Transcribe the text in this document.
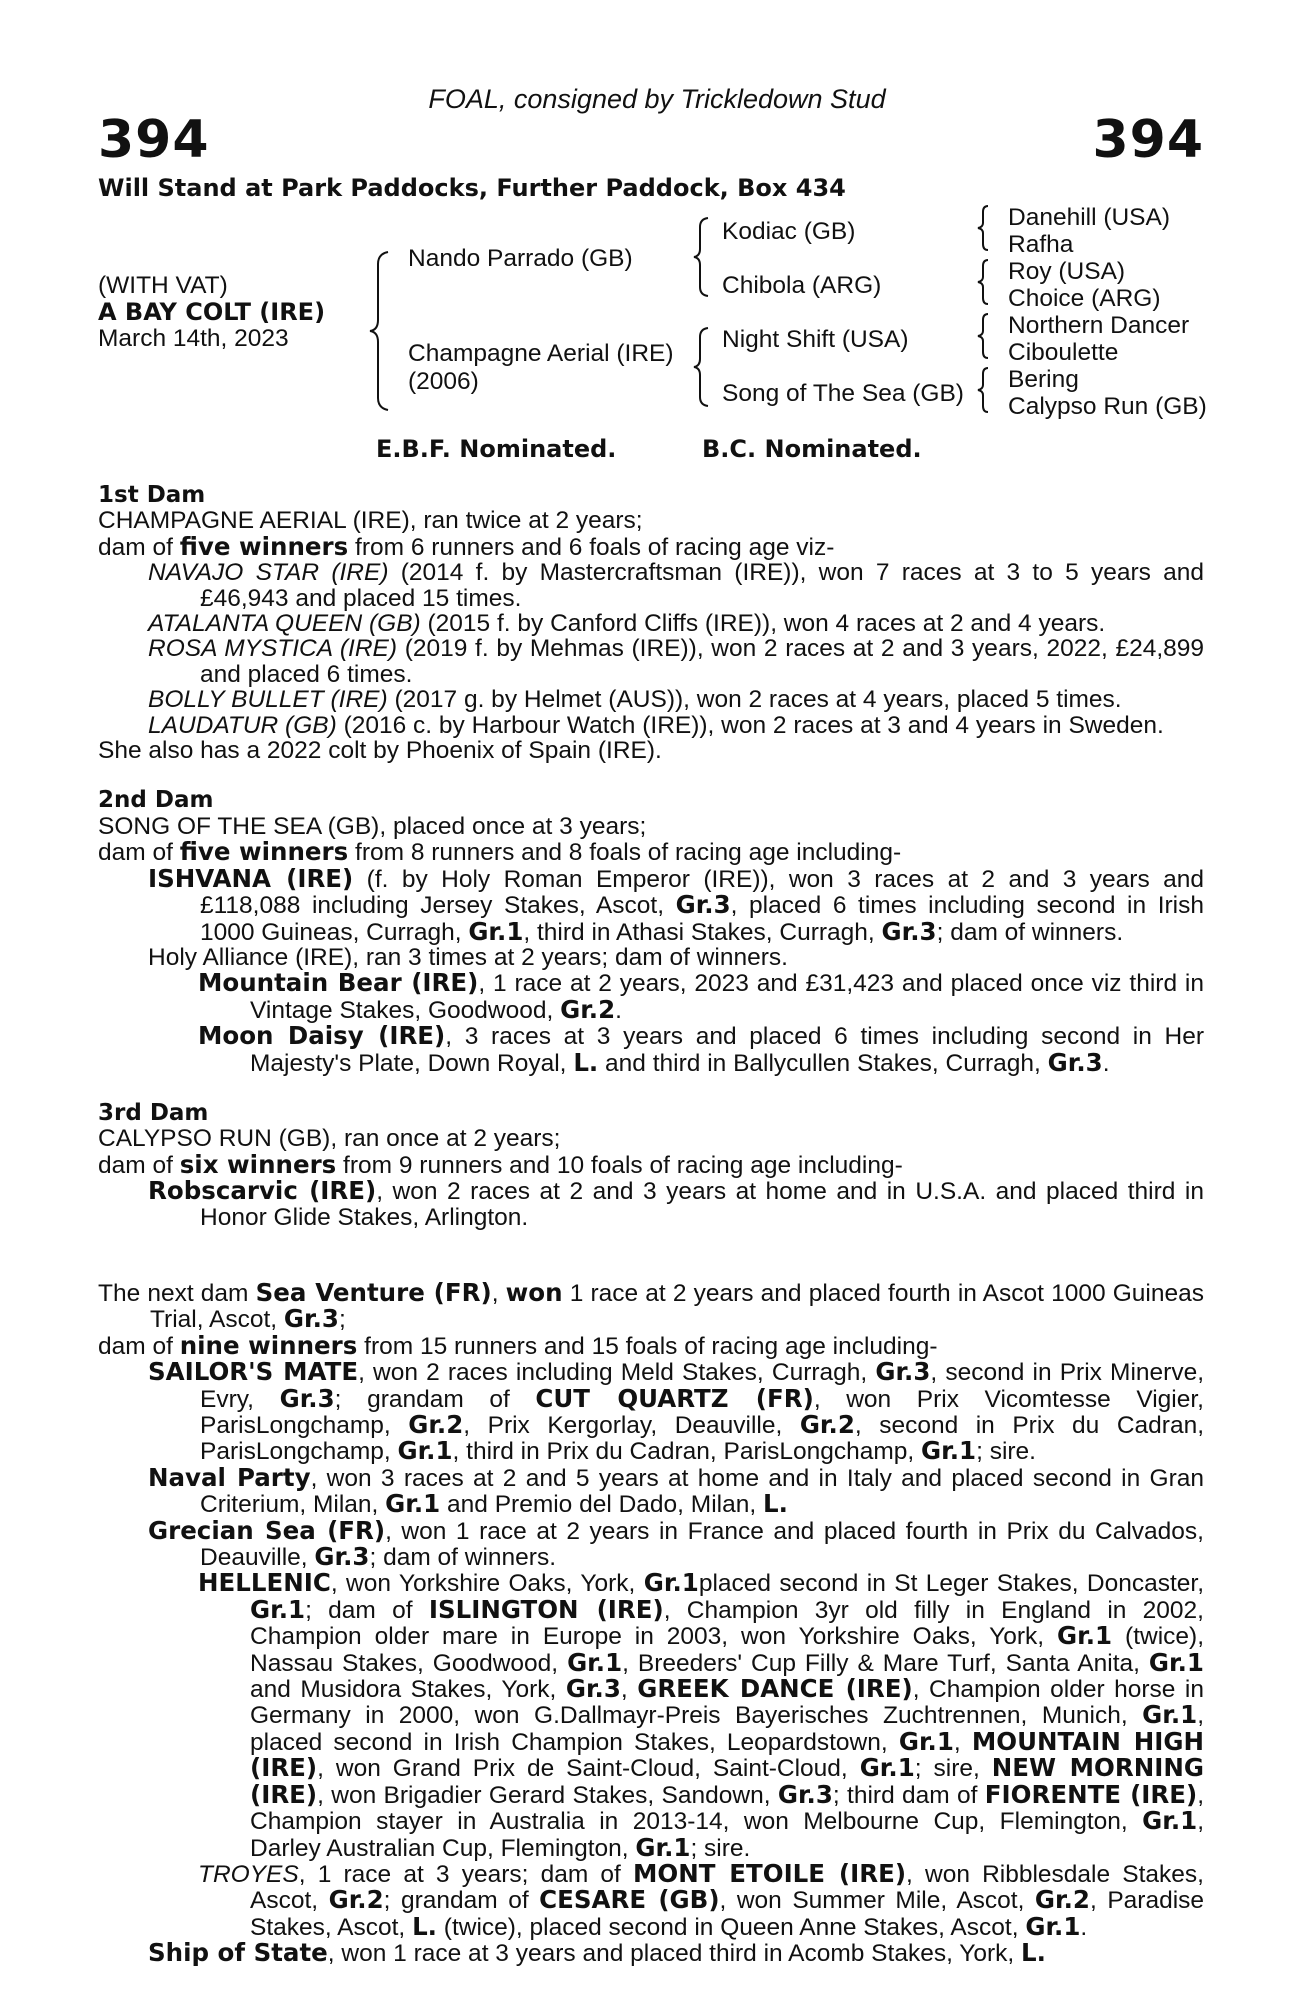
FOAL, consigned by Trickledown Stud
394	394
Will Stand at Park Paddocks, Further Paddock, Box 434
(WITH VAT)
A BAY COLT (IRE)
March 14th, 2023
Nando Parrado (GB)
Champagne Aerial (IRE)
(2006)
Kodiac (GB)
Chibola (ARG)
Night Shift (USA)
Song of The Sea (GB)
Danehill (USA)
Rafha
Roy (USA)
Choice (ARG)
Northern Dancer
Ciboulette
Bering
Calypso Run (GB)
E.B.F. Nominated.	B.C. Nominated.

1st Dam

CHAMPAGNE AERIAL (IRE), ran twice at 2 years;

dam of five winners from 6 runners and 6 foals of racing age viz-

NAVAJO STAR (IRE) (2014 f. by Mastercraftsman (IRE)), won 7 races at 3 to 5 years and £46,943 and placed 15 times.

ATALANTA QUEEN (GB) (2015 f. by Canford Cliffs (IRE)), won 4 races at 2 and 4 years.

ROSA MYSTICA (IRE) (2019 f. by Mehmas (IRE)), won 2 races at 2 and 3 years, 2022, £24,899 and placed 6 times.

BOLLY BULLET (IRE) (2017 g. by Helmet (AUS)), won 2 races at 4 years, placed 5 times.

LAUDATUR (GB) (2016 c. by Harbour Watch (IRE)), won 2 races at 3 and 4 years in Sweden.

She also has a 2022 colt by Phoenix of Spain (IRE).

2nd Dam

SONG OF THE SEA (GB), placed once at 3 years;

dam of five winners from 8 runners and 8 foals of racing age including-

ISHVANA (IRE) (f. by Holy Roman Emperor (IRE)), won 3 races at 2 and 3 years and £118,088 including Jersey Stakes, Ascot, Gr.3, placed 6 times including second in Irish 1000 Guineas, Curragh, Gr.1, third in Athasi Stakes, Curragh, Gr.3; dam of winners.

Holy Alliance (IRE), ran 3 times at 2 years; dam of winners.

Mountain Bear (IRE), 1 race at 2 years, 2023 and £31,423 and placed once viz third in Vintage Stakes, Goodwood, Gr.2.

Moon Daisy (IRE), 3 races at 3 years and placed 6 times including second in Her Majesty's Plate, Down Royal, L. and third in Ballycullen Stakes, Curragh, Gr.3.

3rd Dam

CALYPSO RUN (GB), ran once at 2 years;

dam of six winners from 9 runners and 10 foals of racing age including-

Robscarvic (IRE), won 2 races at 2 and 3 years at home and in U.S.A. and placed third in Honor Glide Stakes, Arlington.

The next dam Sea Venture (FR), won 1 race at 2 years and placed fourth in Ascot 1000 Guineas Trial, Ascot, Gr.3;

dam of nine winners from 15 runners and 15 foals of racing age including-

SAILOR'S MATE, won 2 races including Meld Stakes, Curragh, Gr.3, second in Prix Minerve, Evry, Gr.3; grandam of CUT QUARTZ (FR), won Prix Vicomtesse Vigier, ParisLongchamp, Gr.2, Prix Kergorlay, Deauville, Gr.2, second in Prix du Cadran, ParisLongchamp, Gr.1, third in Prix du Cadran, ParisLongchamp, Gr.1; sire.

Naval Party, won 3 races at 2 and 5 years at home and in Italy and placed second in Gran Criterium, Milan, Gr.1 and Premio del Dado, Milan, L.

Grecian Sea (FR), won 1 race at 2 years in France and placed fourth in Prix du Calvados, Deauville, Gr.3; dam of winners.

HELLENIC, won Yorkshire Oaks, York, Gr.1placed second in St Leger Stakes, Doncaster, Gr.1; dam of ISLINGTON (IRE), Champion 3yr old filly in England in 2002, Champion older mare in Europe in 2003, won Yorkshire Oaks, York, Gr.1 (twice), Nassau Stakes, Goodwood, Gr.1, Breeders' Cup Filly & Mare Turf, Santa Anita, Gr.1 and Musidora Stakes, York, Gr.3, GREEK DANCE (IRE), Champion older horse in Germany in 2000, won G.Dallmayr-Preis Bayerisches Zuchtrennen, Munich, Gr.1, placed second in Irish Champion Stakes, Leopardstown, Gr.1, MOUNTAIN HIGH (IRE), won Grand Prix de Saint-Cloud, Saint-Cloud, Gr.1; sire, NEW MORNING (IRE), won Brigadier Gerard Stakes, Sandown, Gr.3; third dam of FIORENTE (IRE), Champion stayer in Australia in 2013-14, won Melbourne Cup, Flemington, Gr.1, Darley Australian Cup, Flemington, Gr.1; sire.

TROYES, 1 race at 3 years; dam of MONT ETOILE (IRE), won Ribblesdale Stakes, Ascot, Gr.2; grandam of CESARE (GB), won Summer Mile, Ascot, Gr.2, Paradise Stakes, Ascot, L. (twice), placed second in Queen Anne Stakes, Ascot, Gr.1.

Ship of State, won 1 race at 3 years and placed third in Acomb Stakes, York, L.
